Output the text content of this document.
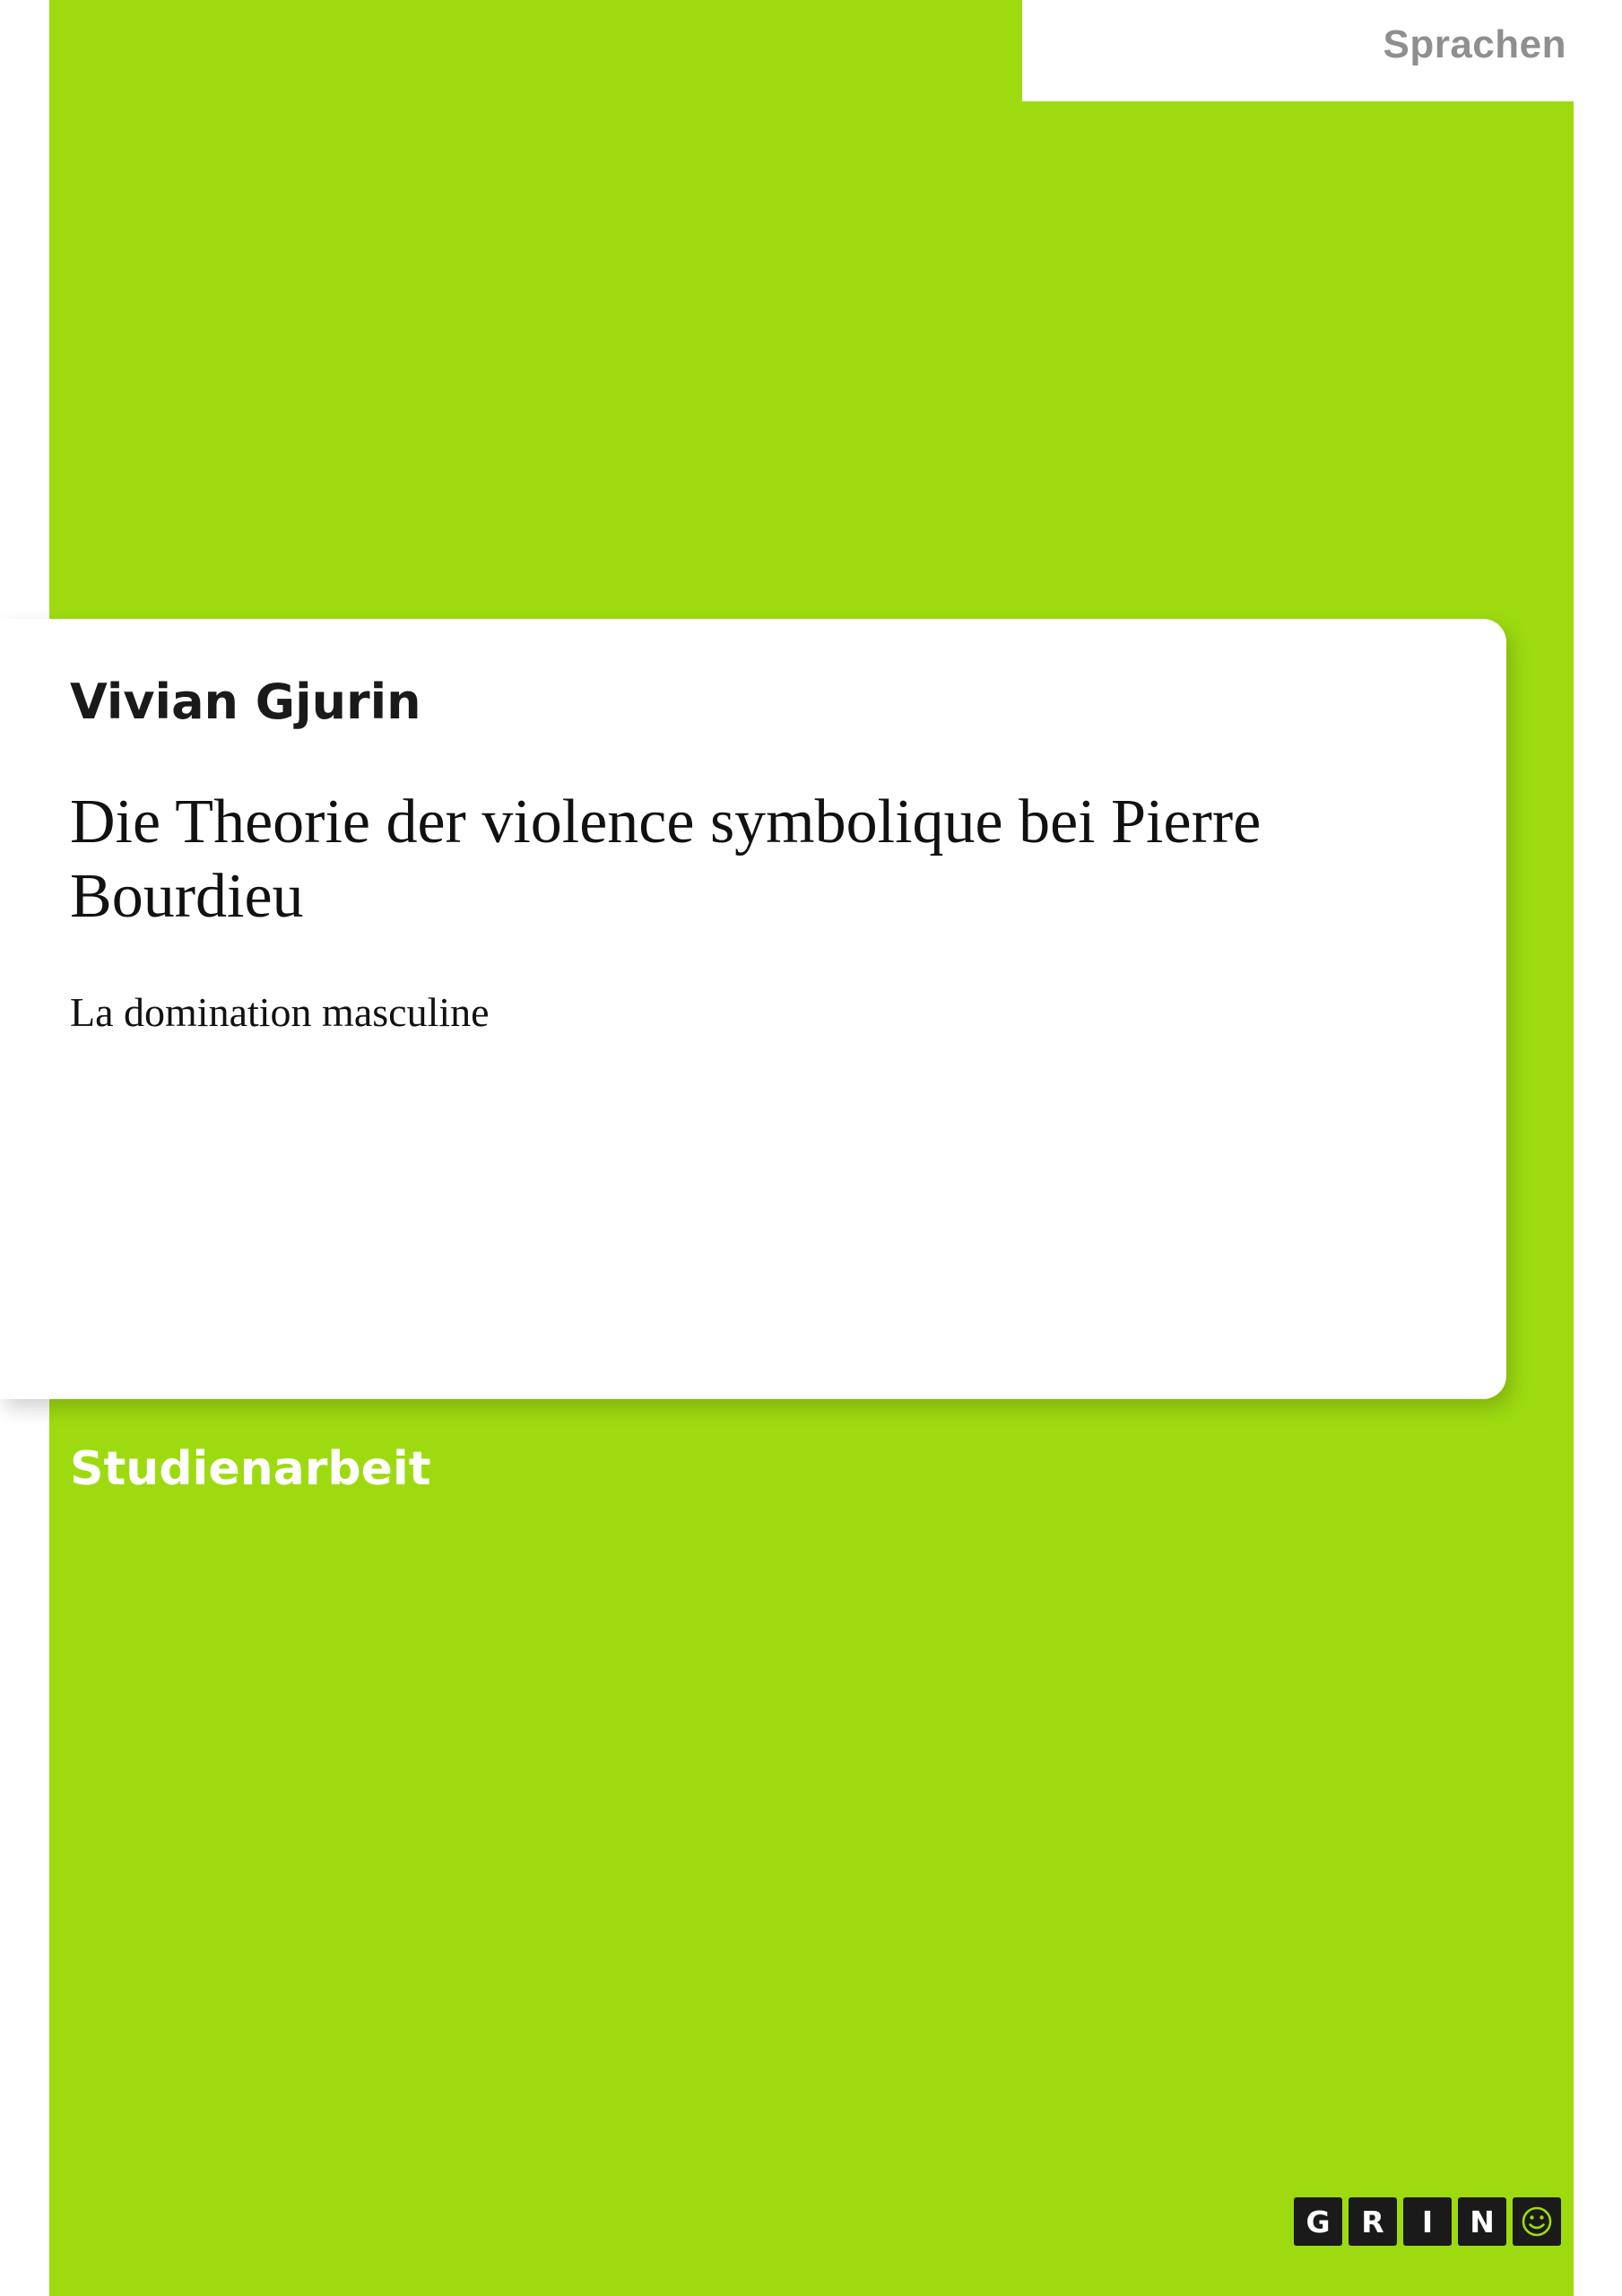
Sprachen
Vivian Gjurin
Die Theorie der violence symbolique bei Pierre Bourdieu
La domination masculine
Studienarbeit
G	R	I	N
